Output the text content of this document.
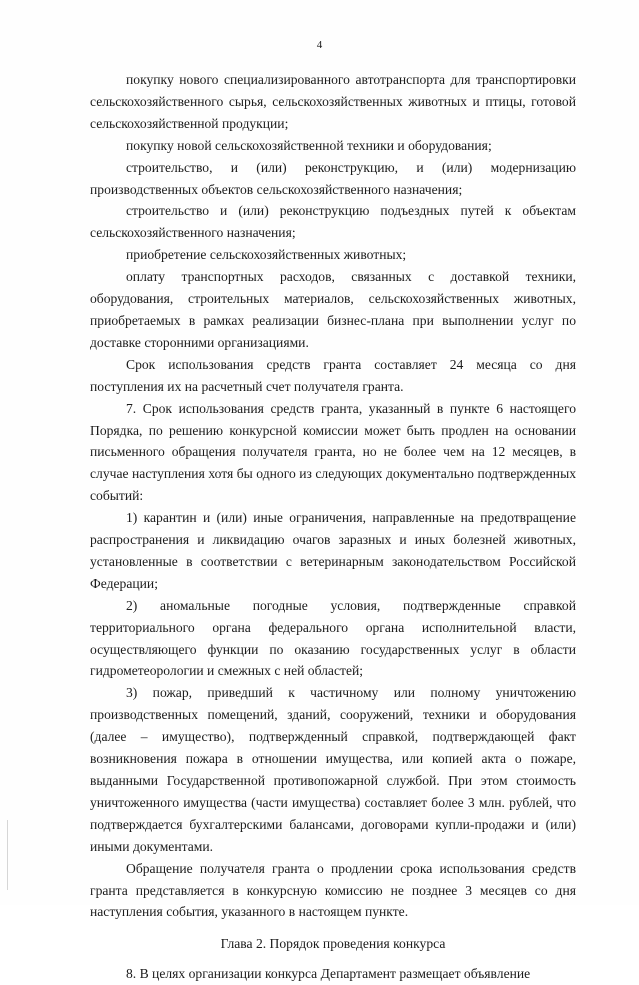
4

покупку нового специализированного автотранспорта для транспортировки сельскохозяйственного сырья, сельскохозяйственных животных и птицы, готовой сельскохозяйственной продукции;

покупку новой сельскохозяйственной техники и оборудования;

строительство, и (или) реконструкцию, и (или) модернизацию производственных объектов сельскохозяйственного назначения;

строительство и (или) реконструкцию подъездных путей к объектам сельскохозяйственного назначения;

приобретение сельскохозяйственных животных;

оплату транспортных расходов, связанных с доставкой техники, оборудования, строительных материалов, сельскохозяйственных животных, приобретаемых в рамках реализации бизнес-плана при выполнении услуг по доставке сторонними организациями.

Срок использования средств гранта составляет 24 месяца со дня поступления их на расчетный счет получателя гранта.

7. Срок использования средств гранта, указанный в пункте 6 настоящего Порядка, по решению конкурсной комиссии может быть продлен на основании письменного обращения получателя гранта, но не более чем на 12 месяцев, в случае наступления хотя бы одного из следующих документально подтвержденных событий:

1) карантин и (или) иные ограничения, направленные на предотвращение распространения и ликвидацию очагов заразных и иных болезней животных, установленные в соответствии с ветеринарным законодательством Российской Федерации;

2) аномальные погодные условия, подтвержденные справкой территориального органа федерального органа исполнительной власти, осуществляющего функции по оказанию государственных услуг в области гидрометеорологии и смежных с ней областей;

3) пожар, приведший к частичному или полному уничтожению производственных помещений, зданий, сооружений, техники и оборудования (далее – имущество), подтвержденный справкой, подтверждающей факт возникновения пожара в отношении имущества, или копией акта о пожаре, выданными Государственной противопожарной службой. При этом стоимость уничтоженного имущества (части имущества) составляет более 3 млн. рублей, что подтверждается бухгалтерскими балансами, договорами купли-продажи и (или) иными документами.

Обращение получателя гранта о продлении срока использования средств гранта представляется в конкурсную комиссию не позднее 3 месяцев со дня наступления события, указанного в настоящем пункте.

Глава 2. Порядок проведения конкурса

8. В целях организации конкурса Департамент размещает объявление
